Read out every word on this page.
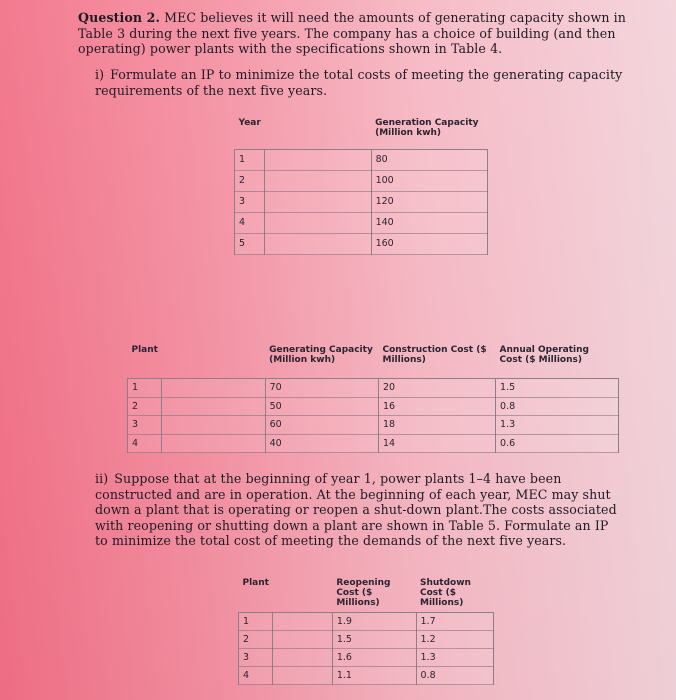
Question 2. MEC believes it will need the amounts of generating capacity shown in Table 3 during the next five years. The company has a choice of building (and then operating) power plants with the specifications shown in Table 4.

i) Formulate an IP to minimize the total costs of meeting the generating capacity requirements of the next five years.

Year		Generation Capacity (Million kwh)
1		80
2		100
3		120
4		140
5		160
Plant		Generating Capacity (Million kwh)	Construction Cost ($ Millions)	Annual Operating Cost ($ Millions)
1		70	20	1.5
2		50	16	0.8
3		60	18	1.3
4		40	14	0.6

ii) Suppose that at the beginning of year 1, power plants 1–4 have been constructed and are in operation. At the beginning of each year, MEC may shut down a plant that is operating or reopen a shut-down plant.The costs associated with reopening or shutting down a plant are shown in Table 5. Formulate an IP to minimize the total cost of meeting the demands of the next five years.

Plant		Reopening Cost ($ Millions)	Shutdown Cost ($ Millions)
1		1.9	1.7
2		1.5	1.2
3		1.6	1.3
4		1.1	0.8
